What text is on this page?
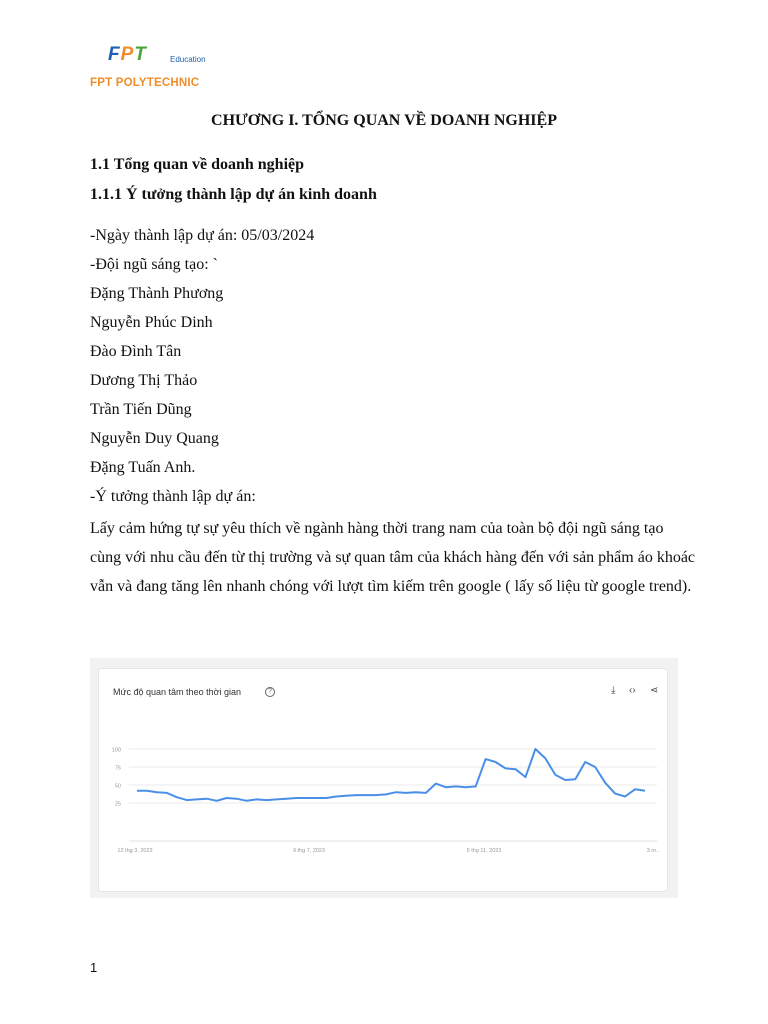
FPT	Education
FPT POLYTECHNIC
CHƯƠNG I. TỔNG QUAN VỀ DOANH NGHIỆP
1.1 Tổng quan về doanh nghiệp
1.1.1 Ý tưởng thành lập dự án kinh doanh
-Ngày thành lập dự án: 05/03/2024
-Đội ngũ sáng tạo: `
Đặng Thành Phương
Nguyễn Phúc Dinh
Đào Đình Tân
Dương Thị Thảo
Trần Tiến Dũng
Nguyễn Duy Quang
Đặng Tuấn Anh.
-Ý tưởng thành lập dự án:
Lấy cảm hứng tự sự yêu thích về ngành hàng thời trang nam của toàn bộ đội ngũ sáng tạo cùng với nhu cầu đến từ thị trường và sự quan tâm của khách hàng đến với sản phẩm áo khoác vẫn và đang tăng lên nhanh chóng với lượt tìm kiếm trên google ( lấy số liệu từ google trend).
Mức độ quan tâm theo thời gian	?	⤓ ‹› ⋖
100
75
50
25
12 thg 3, 2023	9 thg 7, 2023	5 thg 11, 2023	3 m..
1
